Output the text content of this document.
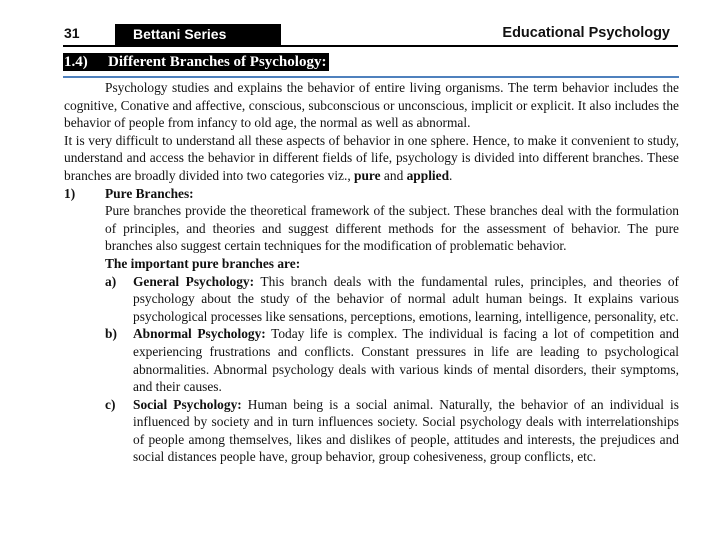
31	Bettani Series	Educational Psychology
1.4) Different Branches of Psychology:

Psychology studies and explains the behavior of entire living organisms. The term behavior includes the cognitive, Conative and affective, conscious, subconscious or unconscious, implicit or explicit. It also includes the behavior of people from infancy to old age, the normal as well as abnormal.

It is very difficult to understand all these aspects of behavior in one sphere. Hence, to make it convenient to study, understand and access the behavior in different fields of life, psychology is divided into different branches. These branches are broadly divided into two categories viz., pure and applied.

1) Pure Branches:

Pure branches provide the theoretical framework of the subject. These branches deal with the formulation of principles, and theories and suggest different methods for the assessment of behavior. The pure branches also suggest certain techniques for the modification of problematic behavior.

The important pure branches are:

a) General Psychology: This branch deals with the fundamental rules, principles, and theories of psychology about the study of the behavior of normal adult human beings. It explains various psychological processes like sensations, perceptions, emotions, learning, intelligence, personality, etc.

b) Abnormal Psychology: Today life is complex. The individual is facing a lot of competition and experiencing frustrations and conflicts. Constant pressures in life are leading to psychological abnormalities. Abnormal psychology deals with various kinds of mental disorders, their symptoms, and their causes.

c) Social Psychology: Human being is a social animal. Naturally, the behavior of an individual is influenced by society and in turn influences society. Social psychology deals with interrelationships of people among themselves, likes and dislikes of people, attitudes and interests, the prejudices and social distances people have, group behavior, group cohesiveness, group conflicts, etc.
